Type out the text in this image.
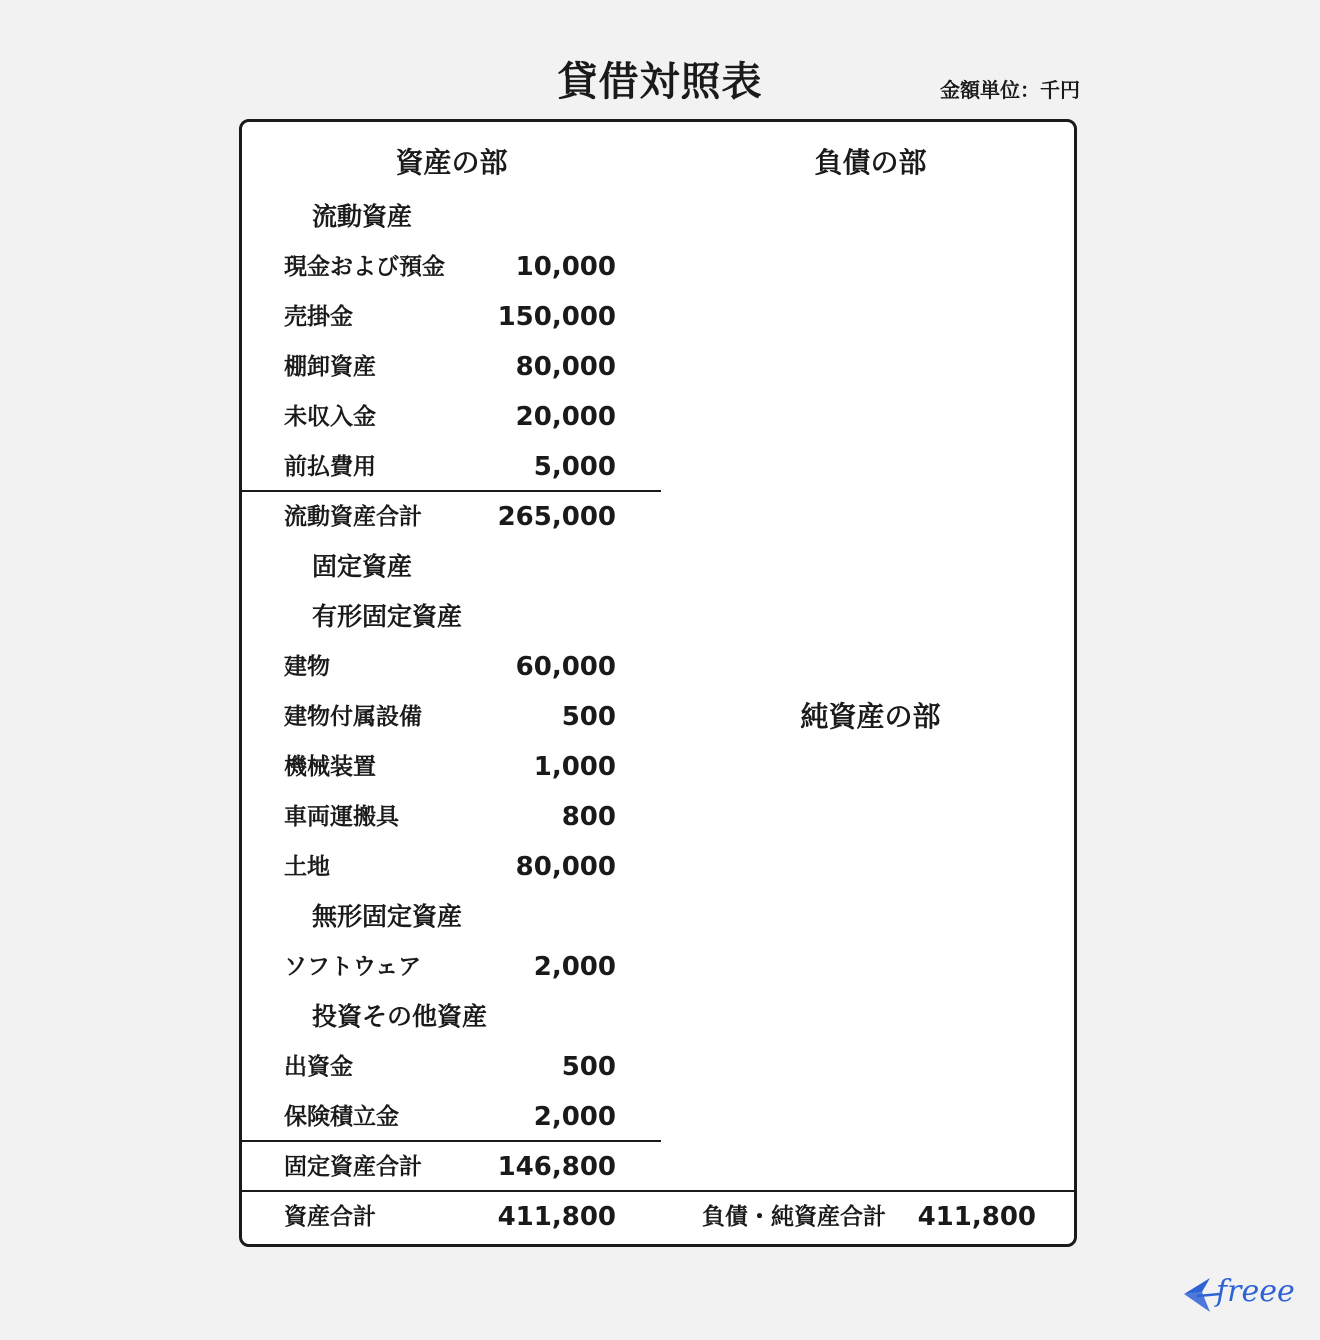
貸借対照表	金額単位：千円
資産の部	負債の部
流動資産
現金および預金	10,000
売掛金	150,000
棚卸資産	80,000
未収入金	20,000
前払費用	5,000
流動資産合計	265,000
固定資産
有形固定資産
建物	60,000
建物付属設備	500
機械装置	1,000
車両運搬具	800
土地	80,000
無形固定資産
ソフトウェア	2,000
投資その他資産
出資金	500
保険積立金	2,000
固定資産合計	146,800
純資産の部
資産合計	411,800	負債・純資産合計 411,800
freee
